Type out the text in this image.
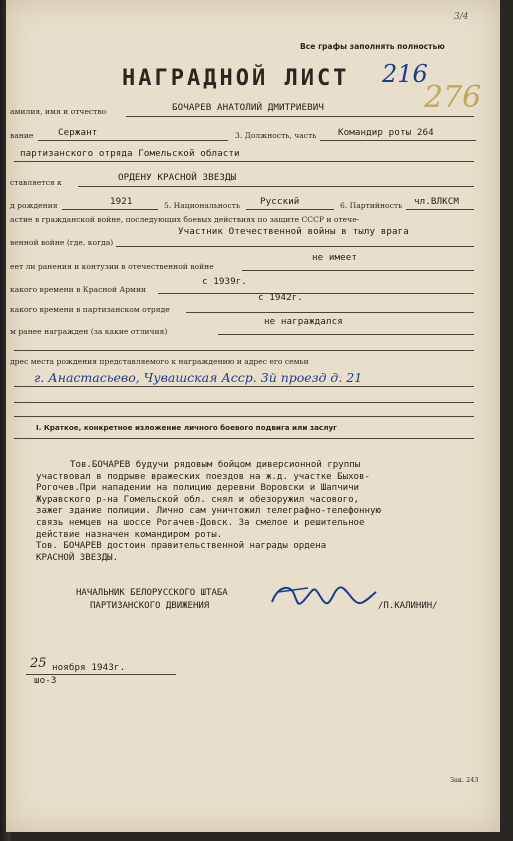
3/4
Все графы заполнять полностью
НАГРАДНОЙ ЛИСТ 216
276
амилия, имя и отчество	БОЧАРЕВ АНАТОЛИЙ ДМИТРИЕВИЧ
вание	Сержант	3. Должность, часть Командир роты 264
партизанского отряда Гомельской области
ставляется к	ОРДЕНУ КРАСНОЙ ЗВЕЗДЫ
д рождения	1921	5. Национальность Русский	6. Партийность чл.ВЛКСМ
астие в гражданской войне, последующих боевых действиях по защите СССР и отече-
венной войне (где, когда)
Участник Отечественной войны в тылу врага
еет ли ранения и контузии в отечественной войне
не имеет
какого времени в Красной Армии
с 1939г.
какого времени в партизанском отряде
с 1942г.
м ранее награжден (за какие отличия)
не награждался
дрес места рождения представляемого к награждению и адрес его семьи
г. Анастасьево, Чувашская Асср. 3й проезд д. 21
I. Краткое, конкретное изложение личного боевого подвига или заслуг
Тов.БОЧАРЕВ будучи рядовым бойцом диверсионной группы
участвовал в подрыве вражеских поездов на ж.д. участке Быхов-
Рогочев.При нападении на полицию деревни Воровски и Шапчичи
Журавского р-на Гомельской обл. снял и обезоружил часового,
зажег здание полиции. Лично сам уничтожил телеграфно-телефонную
связь немцев на шоссе Рогачев-Довск. За смелое и решительное
действие назначен командиром роты.
Тов. БОЧАРЕВ достоин правительственной награды ордена
КРАСНОЙ ЗВЕЗДЫ.
НАЧАЛЬНИК БЕЛОРУССКОГО ШТАБА
ПАРТИЗАНСКОГО ДВИЖЕНИЯ	/П.КАЛИНИН/
25 ноября 1943г.
шо-3
Зак. 243
